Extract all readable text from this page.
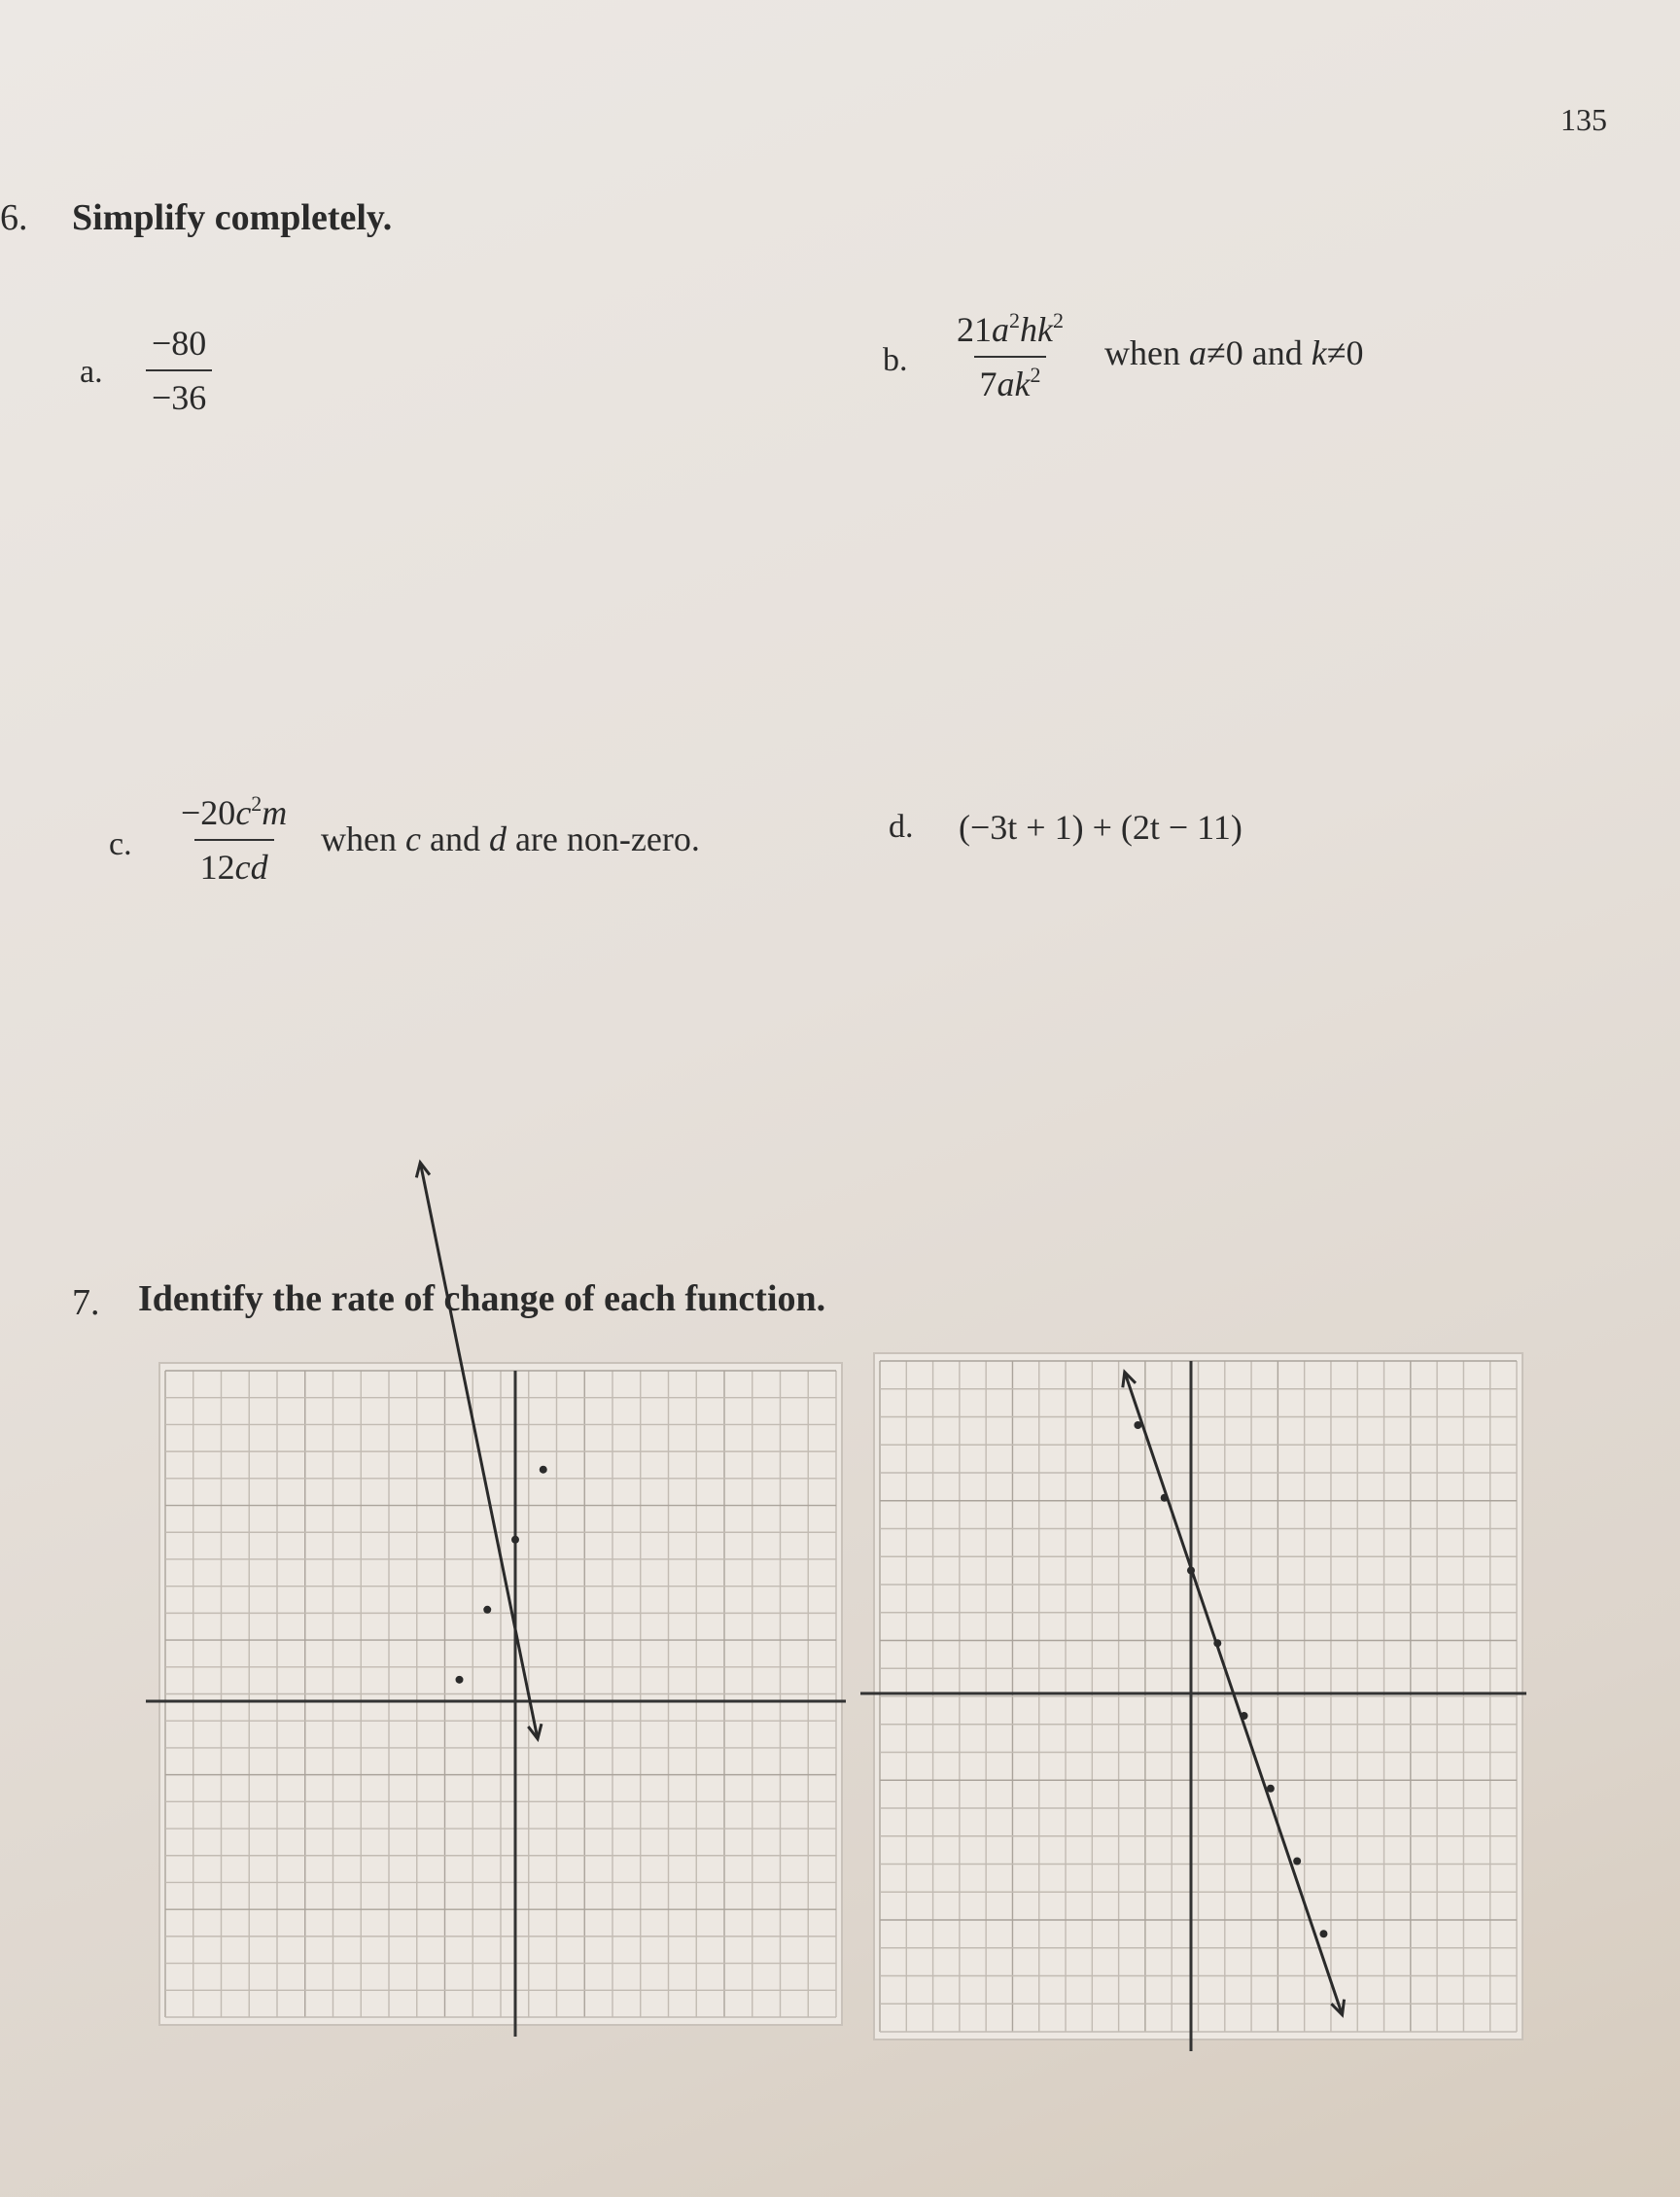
135
6. Simplify completely.
a. $\frac{-80}{-36}$	b. $\frac{21a^2hk^2}{7ak^2}$ when a≠0 and k≠0
c. $\frac{-20c^2m}{12cd}$ when c and d are non-zero.	d. (−3t + 1) + (2t − 11)
7. Identify the rate of change of each function.
